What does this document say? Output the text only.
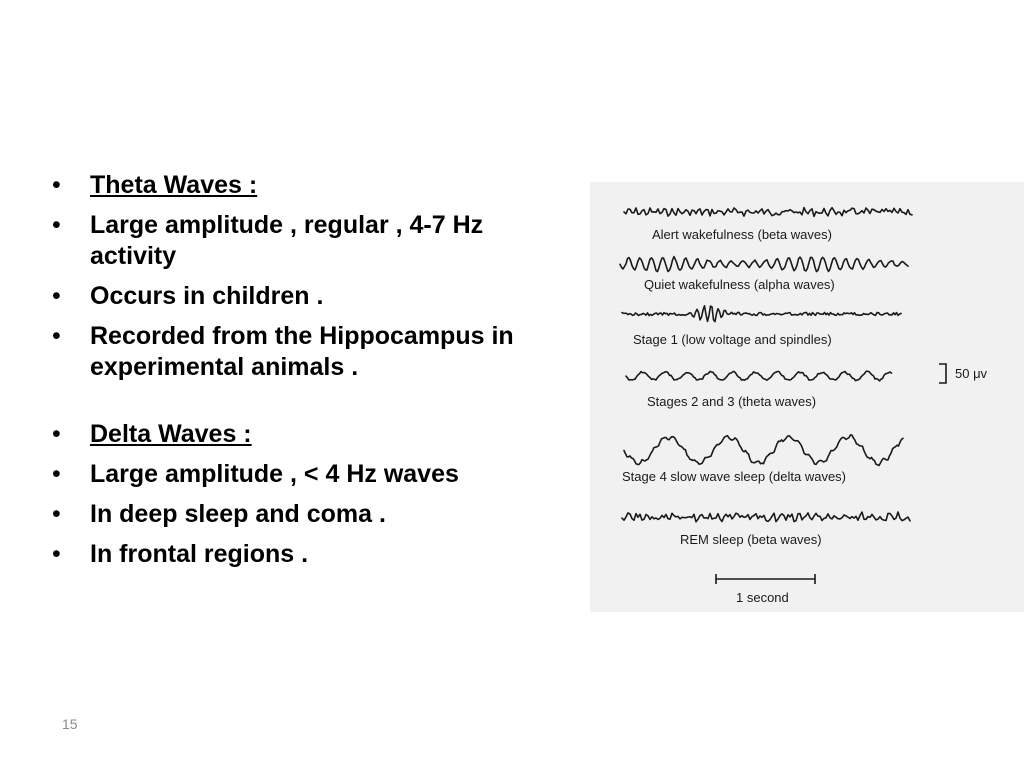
• Theta Waves :
• Large amplitude , regular , 4-7 Hz activity
• Occurs in children .
• Recorded from the Hippocampus in experimental animals .
• Delta Waves :
• Large amplitude , < 4 Hz waves
• In deep sleep and coma .
• In frontal regions .
Alert wakefulness (beta waves)
Quiet wakefulness (alpha waves)
Stage 1 (low voltage and spindles)
Stages 2 and 3 (theta waves)
Stage 4 slow wave sleep (delta waves)
REM sleep (beta waves)
50 μv
1 second
15
